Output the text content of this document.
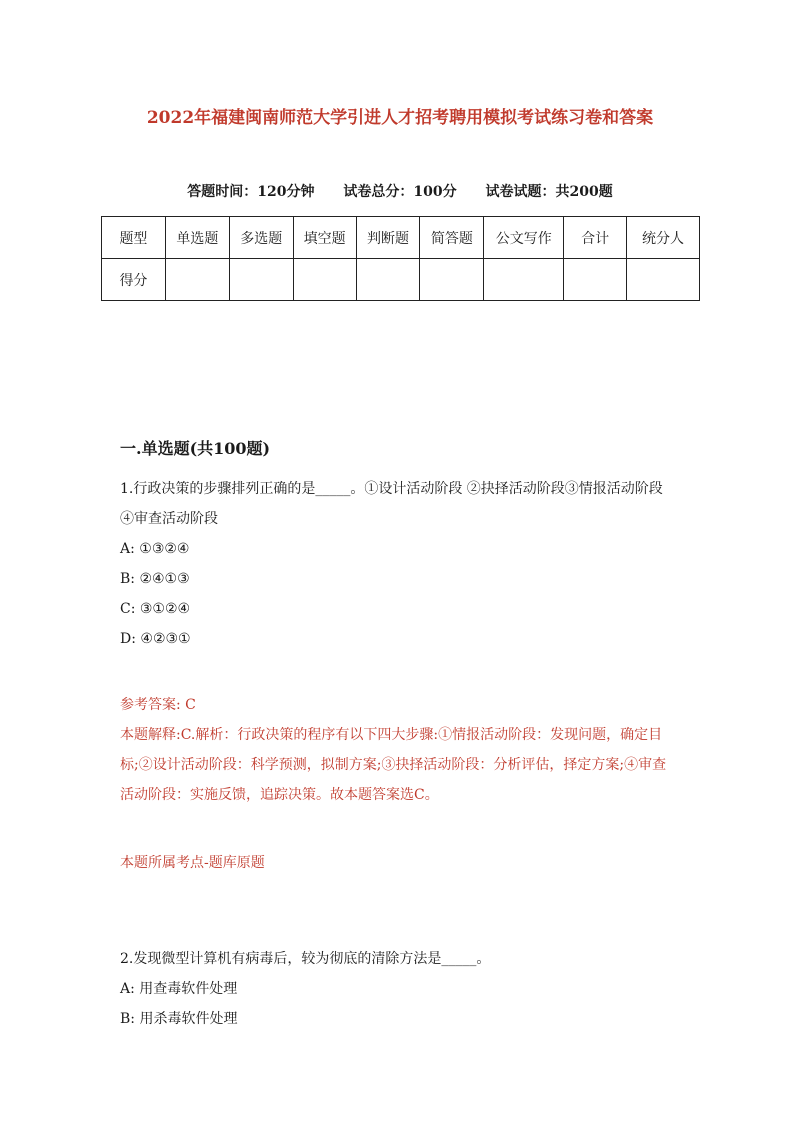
2022年福建闽南师范大学引进人才招考聘用模拟考试练习卷和答案
答题时间：120分钟 试卷总分：100分 试卷试题：共200题
题型	单选题	多选题	填空题	判断题	简答题	公文写作	合计	统分人
得分								
一.单选题(共100题)
1.行政决策的步骤排列正确的是_____。①设计活动阶段 ②抉择活动阶段③情报活动阶段 ④审查活动阶段
A: ①③②④
B: ②④①③
C: ③①②④
D: ④②③①
参考答案: C
本题解释:C.解析：行政决策的程序有以下四大步骤:①情报活动阶段：发现问题，确定目标;②设计活动阶段：科学预测，拟制方案;③抉择活动阶段：分析评估，择定方案;④审查活动阶段：实施反馈，追踪决策。故本题答案选C。
本题所属考点-题库原题
2.发现微型计算机有病毒后，较为彻底的清除方法是_____。
A: 用查毒软件处理
B: 用杀毒软件处理
